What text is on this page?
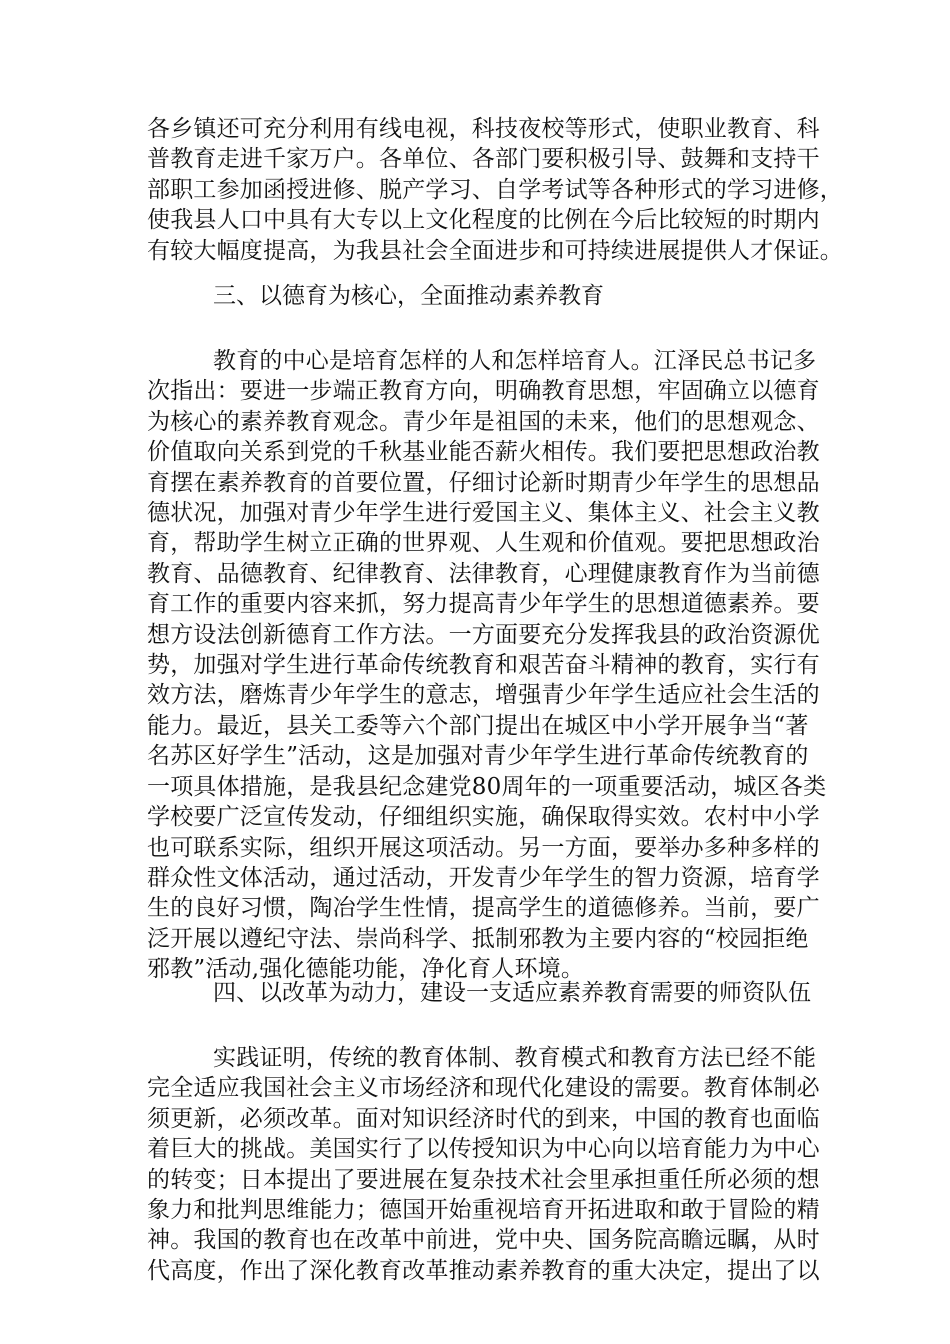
各乡镇还可充分利用有线电视，科技夜校等形式，使职业教育、科
普教育走进千家万户。各单位、各部门要积极引导、鼓舞和支持干
部职工参加函授进修、脱产学习、自学考试等各种形式的学习进修，
使我县人口中具有大专以上文化程度的比例在今后比较短的时期内
有较大幅度提高，为我县社会全面进步和可持续进展提供人才保证。
三、以德育为核心，全面推动素养教育
教育的中心是培育怎样的人和怎样培育人。江泽民总书记多
次指出：要进一步端正教育方向，明确教育思想，牢固确立以德育
为核心的素养教育观念。青少年是祖国的未来，他们的思想观念、
价值取向关系到党的千秋基业能否薪火相传。我们要把思想政治教
育摆在素养教育的首要位置，仔细讨论新时期青少年学生的思想品
德状况，加强对青少年学生进行爱国主义、集体主义、社会主义教
育，帮助学生树立正确的世界观、人生观和价值观。要把思想政治
教育、品德教育、纪律教育、法律教育，心理健康教育作为当前德
育工作的重要内容来抓，努力提高青少年学生的思想道德素养。要
想方设法创新德育工作方法。一方面要充分发挥我县的政治资源优
势，加强对学生进行革命传统教育和艰苦奋斗精神的教育，实行有
效方法，磨炼青少年学生的意志，增强青少年学生适应社会生活的
能力。最近，县关工委等六个部门提出在城区中小学开展争当“著
名苏区好学生”活动，这是加强对青少年学生进行革命传统教育的
一项具体措施，是我县纪念建党80周年的一项重要活动，城区各类
学校要广泛宣传发动，仔细组织实施，确保取得实效。农村中小学
也可联系实际，组织开展这项活动。另一方面，要举办多种多样的
群众性文体活动，通过活动，开发青少年学生的智力资源，培育学
生的良好习惯，陶冶学生性情，提高学生的道德修养。当前，要广
泛开展以遵纪守法、崇尚科学、抵制邪教为主要内容的“校园拒绝
邪教”活动,强化德能功能，净化育人环境。
四、以改革为动力，建设一支适应素养教育需要的师资队伍
实践证明，传统的教育体制、教育模式和教育方法已经不能
完全适应我国社会主义市场经济和现代化建设的需要。教育体制必
须更新，必须改革。面对知识经济时代的到来，中国的教育也面临
着巨大的挑战。美国实行了以传授知识为中心向以培育能力为中心
的转变；日本提出了要进展在复杂技术社会里承担重任所必须的想
象力和批判思维能力；德国开始重视培育开拓进取和敢于冒险的精
神。我国的教育也在改革中前进，党中央、国务院高瞻远瞩，从时
代高度，作出了深化教育改革推动素养教育的重大决定，提出了以
